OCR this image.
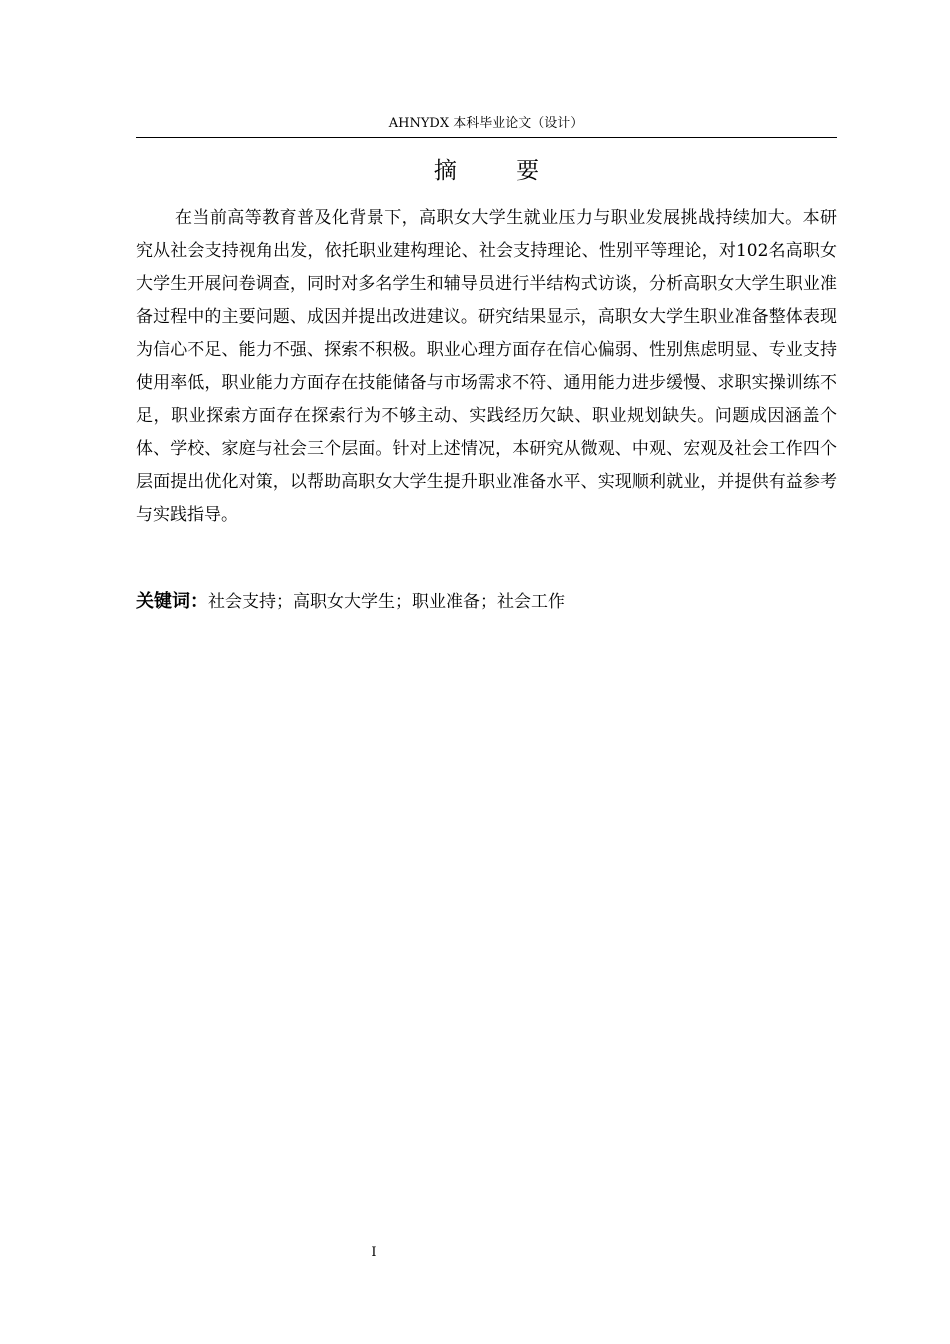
AHNYDX 本科毕业论文（设计）
摘 要

在当前高等教育普及化背景下，高职女大学生就业压力与职业发展挑战持续加大。本研究从社会支持视角出发，依托职业建构理论、社会支持理论、性别平等理论，对102名高职女大学生开展问卷调查，同时对多名学生和辅导员进行半结构式访谈，分析高职女大学生职业准备过程中的主要问题、成因并提出改进建议。研究结果显示，高职女大学生职业准备整体表现为信心不足、能力不强、探索不积极。职业心理方面存在信心偏弱、性别焦虑明显、专业支持使用率低，职业能力方面存在技能储备与市场需求不符、通用能力进步缓慢、求职实操训练不足，职业探索方面存在探索行为不够主动、实践经历欠缺、职业规划缺失。问题成因涵盖个体、学校、家庭与社会三个层面。针对上述情况，本研究从微观、中观、宏观及社会工作四个层面提出优化对策，以帮助高职女大学生提升职业准备水平、实现顺利就业，并提供有益参考与实践指导。

关键词：社会支持；高职女大学生；职业准备；社会工作
I
